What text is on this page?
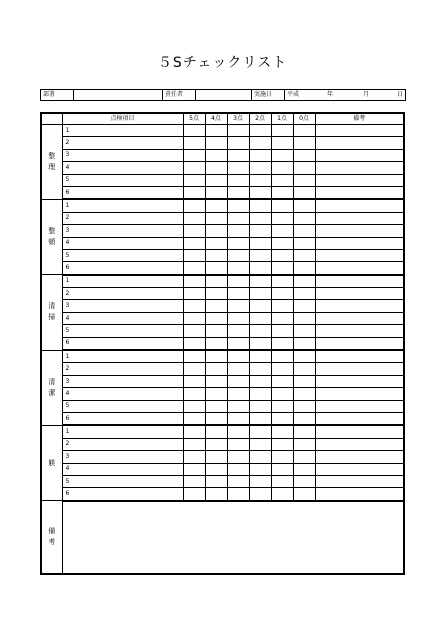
５Sチェックリスト
部署		責任者		実施日	平成	年	月	日
	点検項目	5点	4点	3点	2点	1点	0点	備考

整
理	1							
	2							
	3							
	4							
	5							
	6							

整
頓	1							
	2							
	3							
	4							
	5							
	6							

清
掃	1							
	2							
	3							
	4							
	5							
	6							

清
潔	1							
	2							
	3							
	4							
	5							
	6							

躾	1							
	2							
	3							
	4							
	5							
	6							

備
考								
